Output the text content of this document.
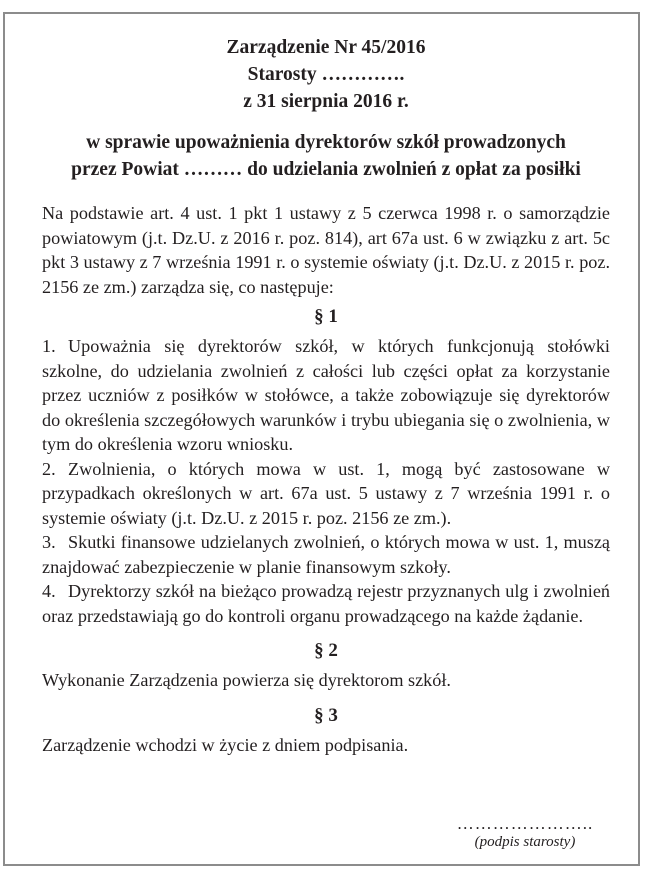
Zarządzenie Nr 45/2016
Starosty ………….
z 31 sierpnia 2016 r.
w sprawie upoważnienia dyrektorów szkół prowadzonych
przez Powiat ……… do udzielania zwolnień z opłat za posiłki
Na podstawie art. 4 ust. 1 pkt 1 ustawy z 5 czerwca 1998 r. o samorządzie powiatowym (j.t. Dz.U. z 2016 r. poz. 814), art 67a ust. 6 w związku z art. 5c pkt 3 ustawy z 7 września 1991 r. o systemie oświaty (j.t. Dz.U. z 2015 r. poz. 2156 ze zm.) zarządza się, co następuje:
§ 1
1. Upoważnia się dyrektorów szkół, w których funkcjonują stołówki szkolne, do udzielania zwolnień z całości lub części opłat za korzystanie przez uczniów z posiłków w stołówce, a także zobowiązuje się dyrektorów do określenia szczegółowych warunków i trybu ubiegania się o zwolnienia, w tym do określenia wzoru wniosku.
2. Zwolnienia, o których mowa w ust. 1, mogą być zastosowane w przypadkach określonych w art. 67a ust. 5 ustawy z 7 września 1991 r. o systemie oświaty (j.t. Dz.U. z 2015 r. poz. 2156 ze zm.).
3. Skutki finansowe udzielanych zwolnień, o których mowa w ust. 1, muszą znajdować zabezpieczenie w planie finansowym szkoły.
4. Dyrektorzy szkół na bieżąco prowadzą rejestr przyznanych ulg i zwolnień oraz przedstawiają go do kontroli organu prowadzącego na każde żądanie.
§ 2
Wykonanie Zarządzenia powierza się dyrektorom szkół.
§ 3
Zarządzenie wchodzi w życie z dniem podpisania.
…………………..
(podpis starosty)
